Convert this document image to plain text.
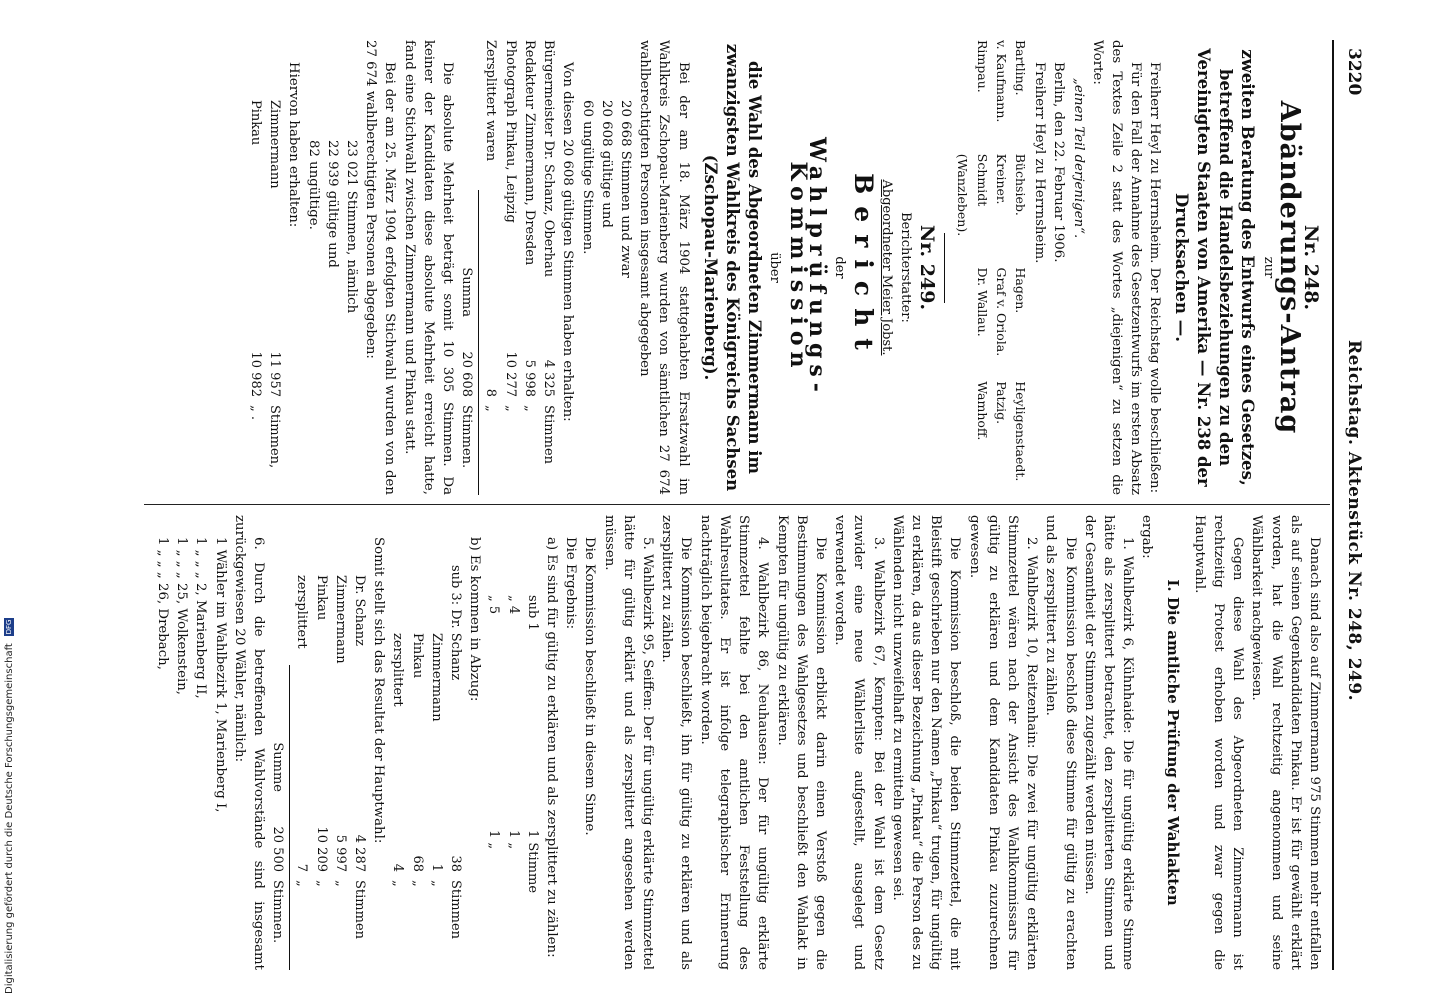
3220
Reichstag. Aktenstück Nr. 248, 249.
Nr. 248.
Abänderungs-Antrag
zur

zweiten Beratung des Entwurfs eines Gesetzes, betreffend die Handelsbeziehungen zu den Vereinigten Staaten von Amerika — Nr. 238 der Drucksachen —.

Freiherr Heyl zu Herrnsheim. Der Reichstag wolle beschließen:

Für den Fall der Annahme des Gesetzentwurfs im ersten Absatz des Textes Zeile 2 statt des Wortes „diejenigen“ zu setzen die Worte:

„einen Teil derjenigen“.

Berlin, den 22. Februar 1906.

Freiherr Heyl zu Herrnsheim.

Bartling.
Büchsieb.
Hagen.
Heyligenstaedt.
v. Kaufmann.
Kreiner.
Graf v. Oriola.
Patzig.
Rimpau.
Schmidt (Wanzleben).
Dr. Wallau.
Wamhoff.
Nr. 249.
Berichterstatter:
Abgeordneter Meier Jobst.
Bericht
der
Wahlprüfungs-Kommission
über

die Wahl des Abgeordneten Zimmermann im zwanzigsten Wahlkreis des Königreichs Sachsen (Zschopau-Marienberg).

Bei der am 18. März 1904 stattgehabten Ersatzwahl im Wahlkreis Zschopau-Marienberg wurden von sämtlichen 27 674 wahlberechtigten Personen insgesamt abgegeben

20 668 Stimmen und zwar

20 608 gültige und

60 ungültige Stimmen.

Von diesen 20 608 gültigen Stimmen haben erhalten:

Bürgermeister Dr. Schanz, Oberhau
4 325
Stimmen
Redakteur Zimmermann, Dresden
5 998
„
Photograph Pinkau, Leipzig
10 277
„
Zersplittert waren
8
„
Summa
20 608
Stimmen.

Die absolute Mehrheit beträgt somit 10 305 Stimmen. Da keiner der Kandidaten diese absolute Mehrheit erreicht hatte, fand eine Stichwahl zwischen Zimmermann und Pinkau statt.

Bei der am 25. März 1904 erfolgten Stichwahl wurden von den 27 674 wahlberechtigten Personen abgegeben:

23 021 Stimmen, nämlich

22 939 gültige und

82 ungültige.

Hiervon haben erhalten:

Zimmermann
11 957
Stimmen,
Pinkau
10 982
„ .

Danach sind also auf Zimmermann 975 Stimmen mehr entfallen als auf seinen Gegenkandidaten Pinkau. Er ist für gewählt erklärt worden, hat die Wahl rechtzeitig angenommen und seine Wählbarkeit nachgewiesen.

Gegen diese Wahl des Abgeordneten Zimmermann ist rechtzeitig Protest erhoben worden und zwar gegen die Hauptwahl.

I. Die amtliche Prüfung der Wahlakten

ergab:

1. Wahlbezirk 6, Kühnhaide: Die für ungültig erklärte Stimme hätte als zersplittert betrachtet, den zersplitterten Stimmen und der Gesamtheit der Stimmen zugezählt werden müssen.

Die Kommission beschloß diese Stimme für gültig zu erachten und als zersplittert zu zählen.

2. Wahlbezirk 10, Reitzenhain: Die zwei für ungültig erklärten Stimmzettel wären nach der Ansicht des Wahlkommissars für gültig zu erklären und dem Kandidaten Pinkau zuzurechnen gewesen.

Die Kommission beschloß, die beiden Stimmzettel, die mit Bleistift geschrieben nur den Namen „Pinkau“ trugen, für ungültig zu erklären, da aus dieser Bezeichnung „Pinkau“ die Person des zu Wählenden nicht unzweifelhaft zu ermitteln gewesen sei.

3. Wahlbezirk 67, Kempten: Bei der Wahl ist dem Gesetz zuwider eine neue Wählerliste aufgestellt, ausgelegt und verwendet worden.

Die Kommission erblickt darin einen Verstoß gegen die Bestimmungen des Wahlgesetzes und beschließt den Wahlakt in Kempten für ungültig zu erklären.

4. Wahlbezirk 86, Neuhausen: Der für ungültig erklärte Stimmzettel fehlte bei den amtlichen Feststellung des Wahlresultates. Er ist infolge telegraphischer Erinnerung nachträglich beigebracht worden.

Die Kommission beschließt, ihn für gültig zu erklären und als zersplittert zu zählen.

5. Wahlbezirk 95, Seiffen: Der für ungültig erklärte Stimmzettel hätte für gültig erklärt und als zersplittert angesehen werden müssen.

Die Kommission beschließt in diesem Sinne.

Die Ergebnis:

a) Es sind für gültig zu erklären und als zersplittert zu zählen:

sub 1
1 Stimme
„ 4
1 „
„ 5
1 „

b) Es kommen in Abzug:

sub 3: Dr. Schanz
38
Stimmen
Zimmermann
1
„
Pinkau
68
„
zersplittert
4
„

Somit stellt sich das Resultat der Hauptwahl:

Dr. Schanz
4 287
Stimmen
Zimmermann
5 997
„
Pinkau
10 209
„
zersplittert
7
„
Summe
20 500
Stimmen.

6. Durch die betreffenden Wahlvorstände sind insgesamt zurückgewiesen 20 Wähler, nämlich:

1 Wähler im Wahlbezirk 1, Marienberg I,

1 „ „ „ 2, Marienberg II,

1 „ „ „ 25, Wolkenstein,

1 „ „ „ 26, Drebach,

Digitalisierung gefördert durch die Deutsche Forschungsgemeinschaft DFG
